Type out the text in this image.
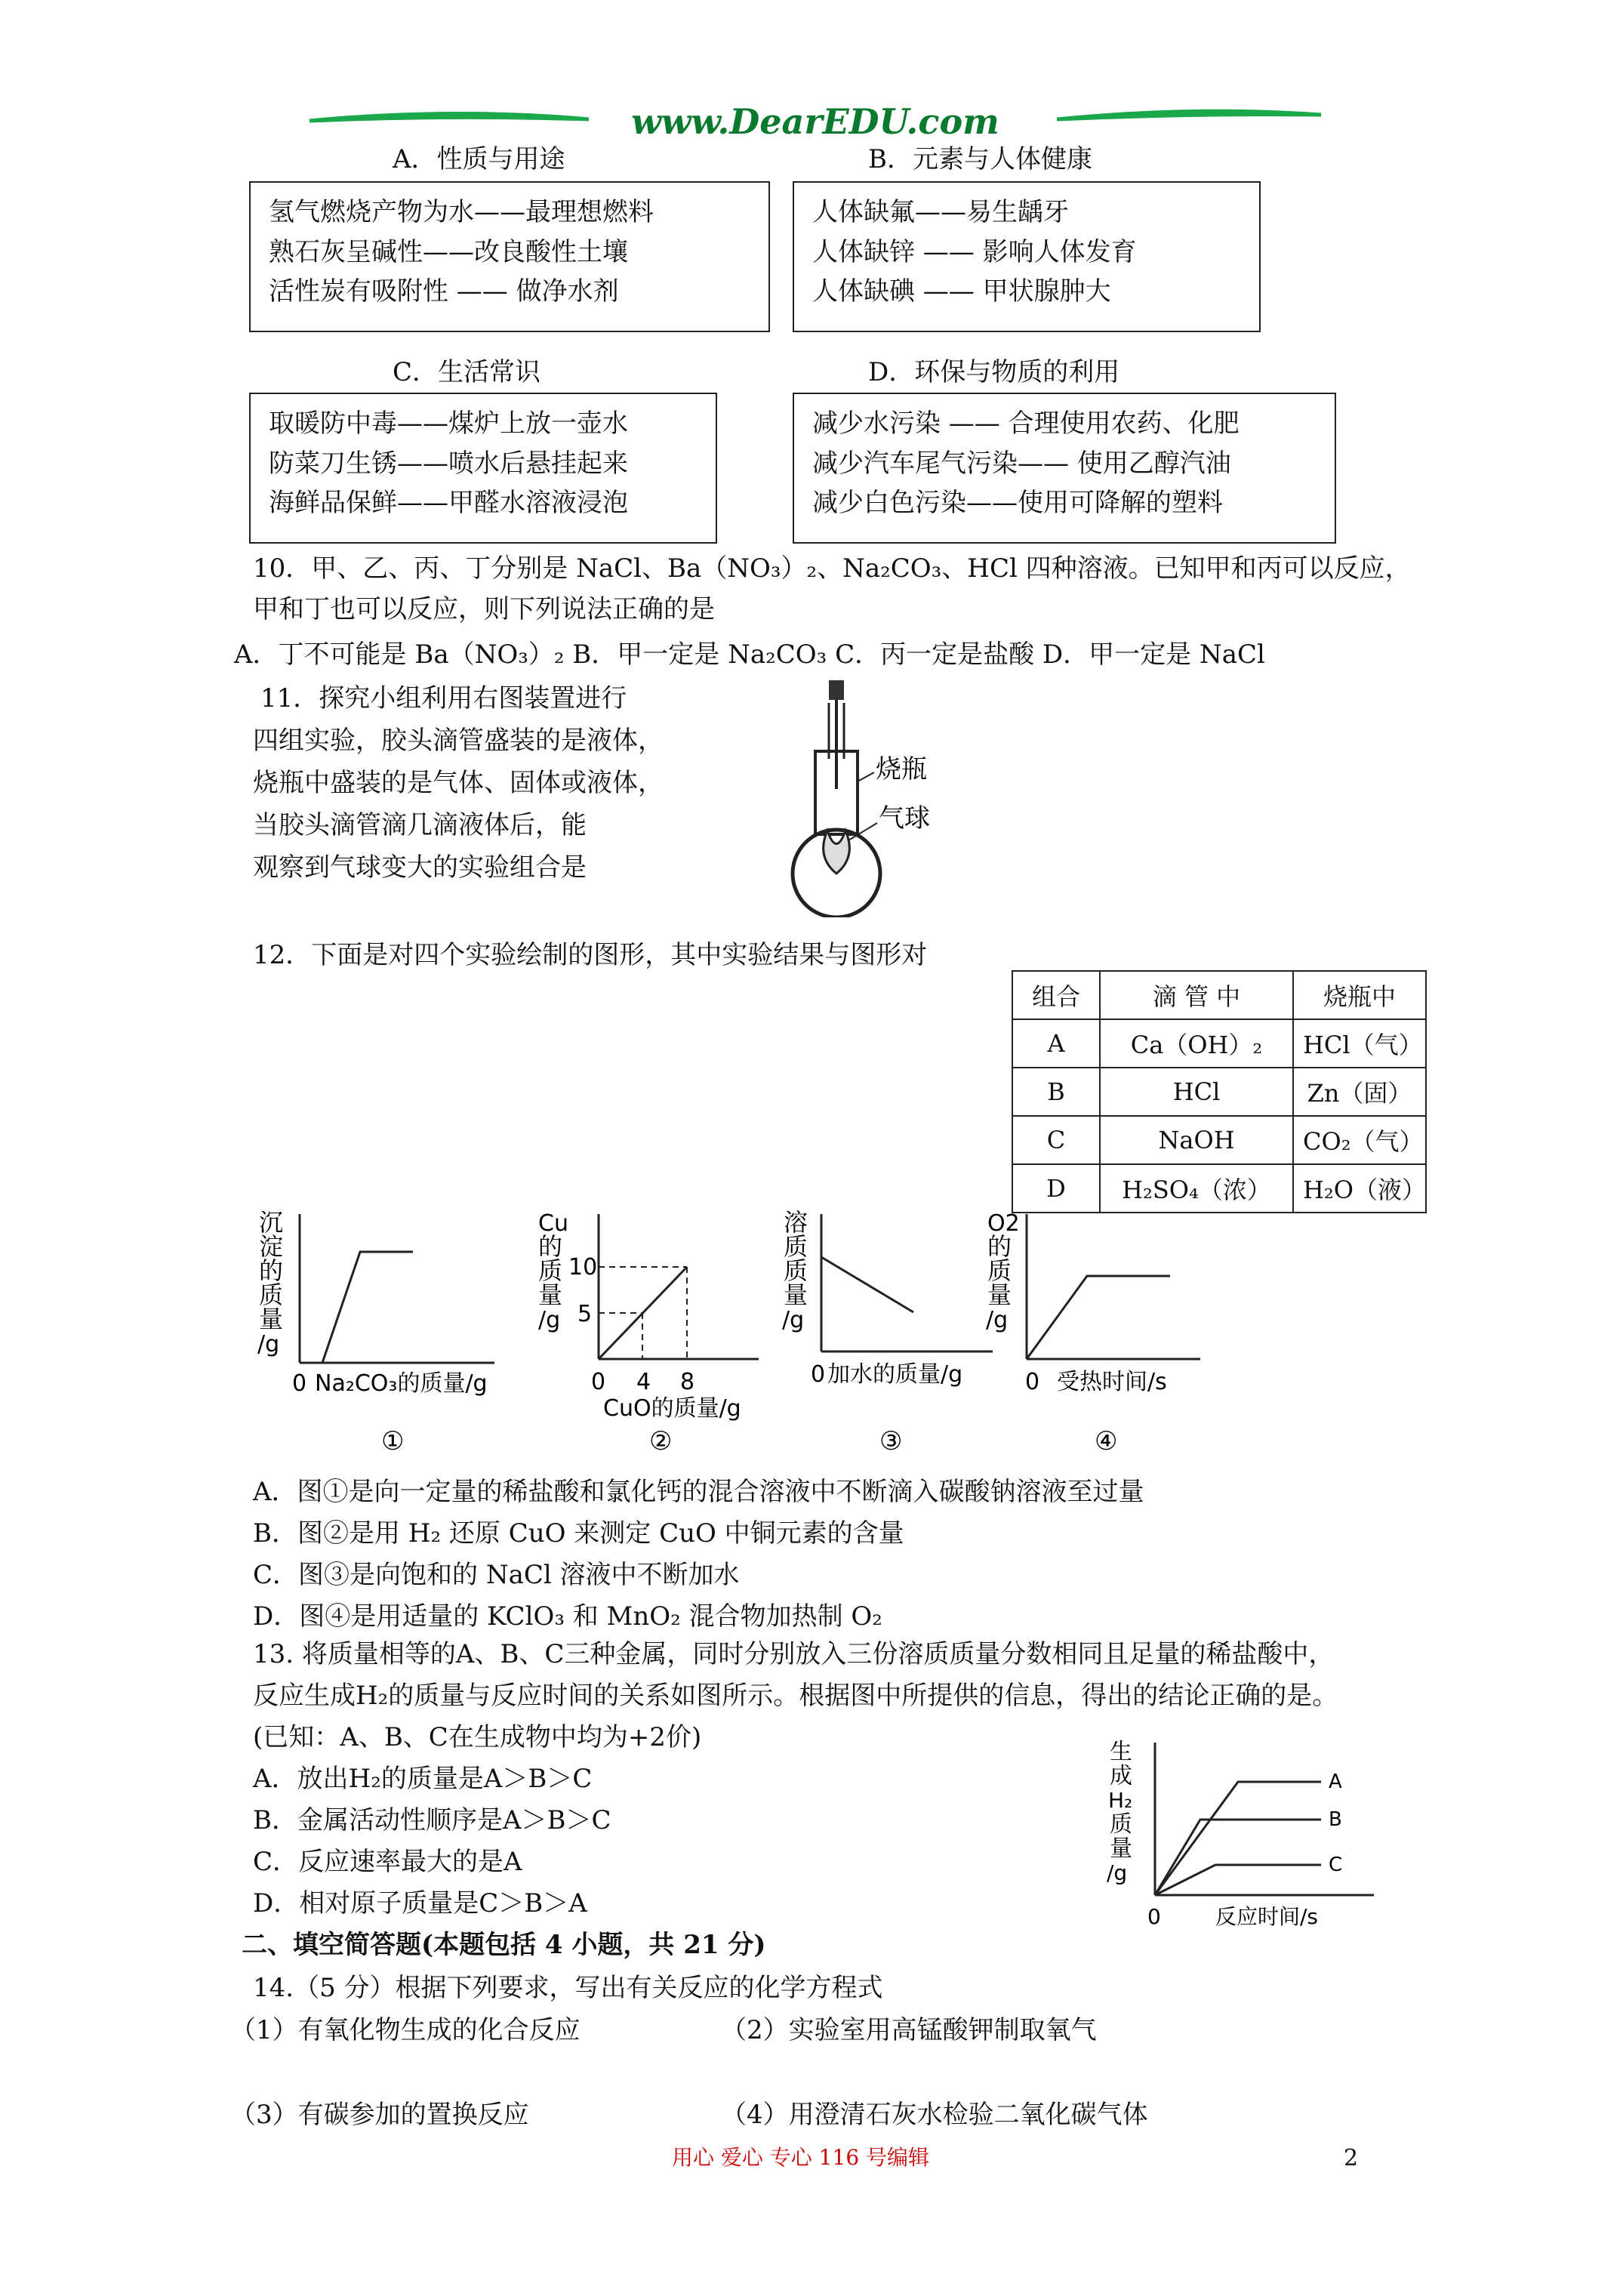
www.DearEDU.com
A．性质与用途	B．元素与人体健康
氢气燃烧产物为水——最理想燃料
熟石灰呈碱性——改良酸性土壤
活性炭有吸附性 —— 做净水剂
人体缺氟——易生龋牙
人体缺锌 —— 影响人体发育
人体缺碘 —— 甲状腺肿大
C．生活常识	D．环保与物质的利用
取暖防中毒——煤炉上放一壶水
防菜刀生锈——喷水后悬挂起来
海鲜品保鲜——甲醛水溶液浸泡
减少水污染 —— 合理使用农药、化肥
减少汽车尾气污染—— 使用乙醇汽油
减少白色污染——使用可降解的塑料
10．甲、乙、丙、丁分别是 NaCl、Ba（NO₃）₂、Na₂CO₃、HCl 四种溶液。已知甲和丙可以反应，
甲和丁也可以反应，则下列说法正确的是
A．丁不可能是 Ba（NO₃）₂ B．甲一定是 Na₂CO₃ C．丙一定是盐酸 D．甲一定是 NaCl
11．探究小组利用右图装置进行
四组实验，胶头滴管盛装的是液体，
烧瓶中盛装的是气体、固体或液体，
当胶头滴管滴几滴液体后，能
观察到气球变大的实验组合是
烧瓶
气球
12．下面是对四个实验绘制的图形，其中实验结果与图形对
组合	滴 管 中	烧瓶中
A	Ca（OH）₂	HCl（气）
B	HCl	Zn（固）
C	NaOH	CO₂（气）
D	H₂SO₄（浓）	H₂O（液）
沉
淀
的
质
量
/g
0 Na₂CO₃的质量/g
①
Cu
的
质
量
/g
10
5
0 4 8
CuO的质量/g
②
溶
质
质
量
/g
0 加水的质量/g
③
O2
的
质
量
/g
0 受热时间/s
④
A．图①是向一定量的稀盐酸和氯化钙的混合溶液中不断滴入碳酸钠溶液至过量
B．图②是用 H₂ 还原 CuO 来测定 CuO 中铜元素的含量
C．图③是向饱和的 NaCl 溶液中不断加水
D．图④是用适量的 KClO₃ 和 MnO₂ 混合物加热制 O₂
13. 将质量相等的A、B、C三种金属，同时分别放入三份溶质质量分数相同且足量的稀盐酸中，
反应生成H₂的质量与反应时间的关系如图所示。根据图中所提供的信息，得出的结论正确的是。
(已知：A、B、C在生成物中均为+2价)
A．放出H₂的质量是A＞B＞C
B．金属活动性顺序是A＞B＞C
C．反应速率最大的是A
D．相对原子质量是C＞B＞A
生
成
H₂
质
量
/g
A
B
C
0	反应时间/s
二、填空简答题(本题包括 4 小题，共 21 分)
14.（5 分）根据下列要求，写出有关反应的化学方程式
（1）有氧化物生成的化合反应	（2）实验室用高锰酸钾制取氧气
（3）有碳参加的置换反应	（4）用澄清石灰水检验二氧化碳气体
用心 爱心 专心 116 号编辑	2
